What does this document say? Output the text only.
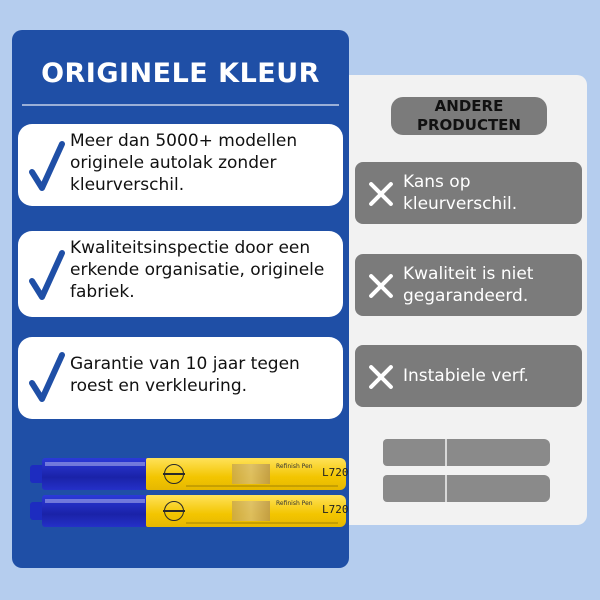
ANDERE PRODUCTEN
Kans op kleurverschil.
Kwaliteit is niet gegarandeerd.
Instabiele verf.
ORIGINELE KLEUR
Meer dan 5000+ modellen originele autolak zonder kleurverschil.
Kwaliteitsinspectie door een erkende organisatie, originele fabriek.
Garantie van 10 jaar tegen roest en verkleuring.
Refinish Pen L720
Refinish Pen L720
